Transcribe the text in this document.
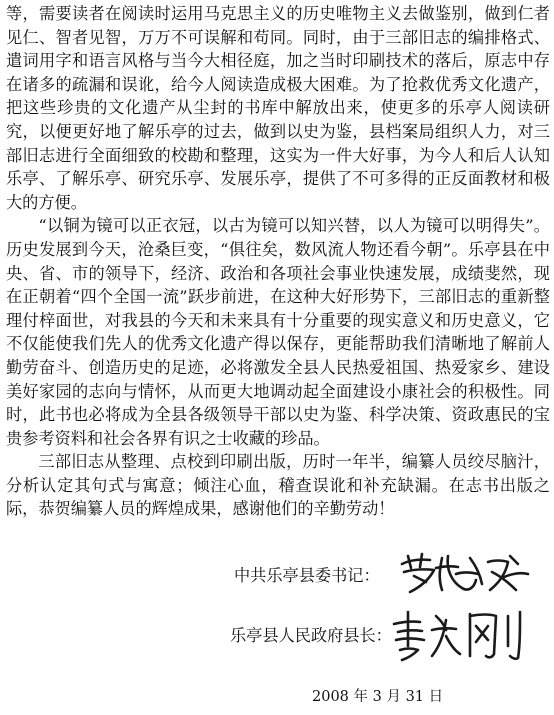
等，需要读者在阅读时运用马克思主义的历史唯物主义去做鉴别，做到仁者见仁、智者见智，万万不可误解和苟同。同时，由于三部旧志的编排格式、遣词用字和语言风格与当今大相径庭，加之当时印刷技术的落后，原志中存在诸多的疏漏和误讹，给今人阅读造成极大困难。为了抢救优秀文化遗产，把这些珍贵的文化遗产从尘封的书库中解放出来，使更多的乐亭人阅读研究，以便更好地了解乐亭的过去，做到以史为鉴，县档案局组织人力，对三部旧志进行全面细致的校勘和整理，这实为一件大好事，为今人和后人认知乐亭、了解乐亭、研究乐亭、发展乐亭，提供了不可多得的正反面教材和极大的方便。

“以铜为镜可以正衣冠，以古为镜可以知兴替，以人为镜可以明得失”。历史发展到今天，沧桑巨变，“俱往矣，数风流人物还看今朝”。乐亭县在中央、省、市的领导下，经济、政治和各项社会事业快速发展，成绩斐然，现在正朝着“四个全国一流”跃步前进，在这种大好形势下，三部旧志的重新整理付梓面世，对我县的今天和未来具有十分重要的现实意义和历史意义，它不仅能使我们先人的优秀文化遗产得以保存，更能帮助我们清晰地了解前人勤劳奋斗、创造历史的足迹，必将激发全县人民热爱祖国、热爱家乡、建设美好家园的志向与情怀，从而更大地调动起全面建设小康社会的积极性。同时，此书也必将成为全县各级领导干部以史为鉴、科学决策、资政惠民的宝贵参考资料和社会各界有识之士收藏的珍品。

三部旧志从整理、点校到印刷出版，历时一年半，编纂人员绞尽脑汁，分析认定其句式与寓意；倾注心血，稽查误讹和补充缺漏。在志书出版之际，恭贺编纂人员的辉煌成果，感谢他们的辛勤劳动！

中共乐亭县委书记：
乐亭县人民政府县长：
2008 年 3 月 31 日
